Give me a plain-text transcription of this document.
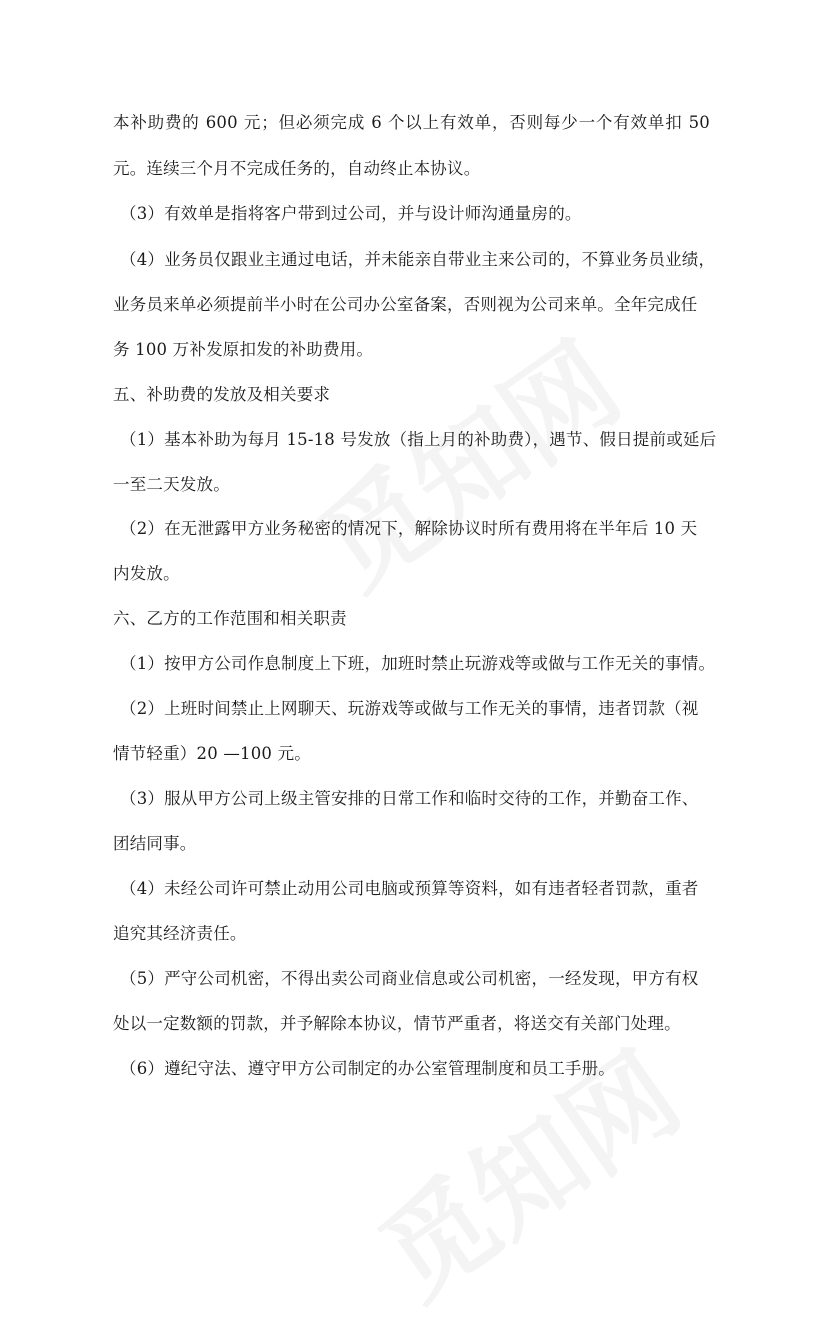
本补助费的 600 元；但必须完成 6 个以上有效单，否则每少一个有效单扣 50
元。连续三个月不完成任务的，自动终止本协议。
（3）有效单是指将客户带到过公司，并与设计师沟通量房的。
（4）业务员仅跟业主通过电话，并未能亲自带业主来公司的，不算业务员业绩，
业务员来单必须提前半小时在公司办公室备案，否则视为公司来单。全年完成任
务 100 万补发原扣发的补助费用。
五、补助费的发放及相关要求
（1）基本补助为每月 15-18 号发放（指上月的补助费），遇节、假日提前或延后
一至二天发放。
（2）在无泄露甲方业务秘密的情况下，解除协议时所有费用将在半年后 10 天
内发放。
六、乙方的工作范围和相关职责
（1）按甲方公司作息制度上下班，加班时禁止玩游戏等或做与工作无关的事情。
（2）上班时间禁止上网聊天、玩游戏等或做与工作无关的事情，违者罚款（视
情节轻重）20 —100 元。
（3）服从甲方公司上级主管安排的日常工作和临时交待的工作，并勤奋工作、
团结同事。
（4）未经公司许可禁止动用公司电脑或预算等资料，如有违者轻者罚款，重者
追究其经济责任。
（5）严守公司机密，不得出卖公司商业信息或公司机密，一经发现，甲方有权
处以一定数额的罚款，并予解除本协议，情节严重者，将送交有关部门处理。
（6）遵纪守法、遵守甲方公司制定的办公室管理制度和员工手册。
